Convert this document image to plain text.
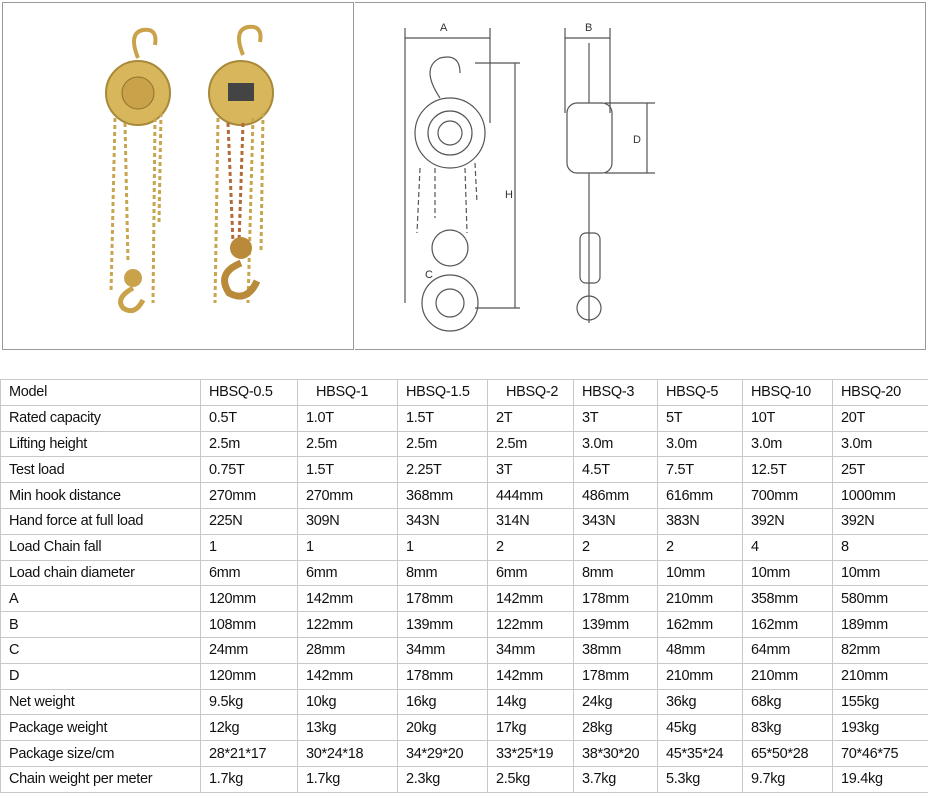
A
H
C
B
D
Model	HBSQ-0.5	HBSQ-1	HBSQ-1.5	HBSQ-2	HBSQ-3	HBSQ-5	HBSQ-10	HBSQ-20
Rated capacity	0.5T	1.0T	1.5T	2T	3T	5T	10T	20T
Lifting height	2.5m	2.5m	2.5m	2.5m	3.0m	3.0m	3.0m	3.0m
Test load	0.75T	1.5T	2.25T	3T	4.5T	7.5T	12.5T	25T
Min hook distance	270mm	270mm	368mm	444mm	486mm	616mm	700mm	1000mm
Hand force at full load	225N	309N	343N	314N	343N	383N	392N	392N
Load Chain fall	1	1	1	2	2	2	4	8
Load chain diameter	6mm	6mm	8mm	6mm	8mm	10mm	10mm	10mm
A	120mm	142mm	178mm	142mm	178mm	210mm	358mm	580mm
B	108mm	122mm	139mm	122mm	139mm	162mm	162mm	189mm
C	24mm	28mm	34mm	34mm	38mm	48mm	64mm	82mm
D	120mm	142mm	178mm	142mm	178mm	210mm	210mm	210mm
Net weight	9.5kg	10kg	16kg	14kg	24kg	36kg	68kg	155kg
Package weight	12kg	13kg	20kg	17kg	28kg	45kg	83kg	193kg
Package size/cm	28*21*17	30*24*18	34*29*20	33*25*19	38*30*20	45*35*24	65*50*28	70*46*75
Chain weight per meter	1.7kg	1.7kg	2.3kg	2.5kg	3.7kg	5.3kg	9.7kg	19.4kg
